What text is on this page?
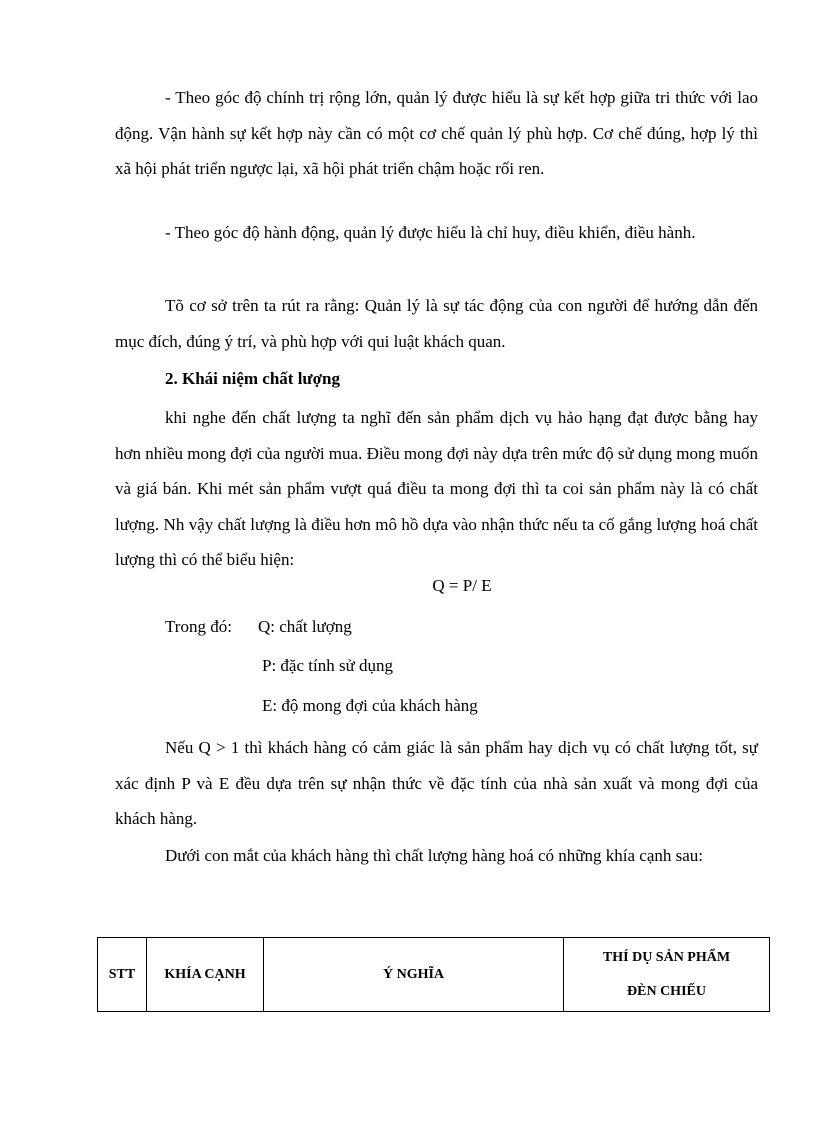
- Theo góc độ chính trị rộng lớn, quản lý được hiểu là sự kết hợp giữa tri thức với lao động. Vận hành sự kết hợp này cần có một cơ chế quản lý phù hợp. Cơ chế đúng, hợp lý thì xã hội phát triển ngược lại, xã hội phát triển chậm hoặc rối ren.

- Theo góc độ hành động, quản lý được hiểu là chỉ huy, điều khiển, điều hành.

Tõ cơ sở trên ta rút ra rằng: Quản lý là sự tác động của con người để hướng dẫn đến mục đích, đúng ý trí, và phù hợp với qui luật khách quan.

2. Khái niệm chất lượng

khi nghe đến chất lượng ta nghĩ đến sản phẩm dịch vụ hảo hạng đạt được bằng hay hơn nhiều mong đợi của người mua. Điều mong đợi này dựa trên mức độ sử dụng mong muốn và giá bán. Khi mét sản phẩm vượt quá điều ta mong đợi thì ta coi sản phẩm này là có chất lượng. Nh vậy chất lượng là điều hơn mô hồ dựa vào nhận thức nếu ta cố gắng lượng hoá chất lượng thì có thể biểu hiện:

Q = P/ E

Trong đó: Q: chất lượng

P: đặc tính sử dụng

E: độ mong đợi của khách hàng

Nếu Q > 1 thì khách hàng có cảm giác là sản phẩm hay dịch vụ có chất lượng tốt, sự xác định P và E đều dựa trên sự nhận thức về đặc tính của nhà sản xuất và mong đợi của khách hàng.

Dưới con mắt của khách hàng thì chất lượng hàng hoá có những khía cạnh sau:

STT	KHÍA CẠNH	Ý NGHĨA	THÍ DỤ SẢN PHẨM
ĐÈN CHIẾU
